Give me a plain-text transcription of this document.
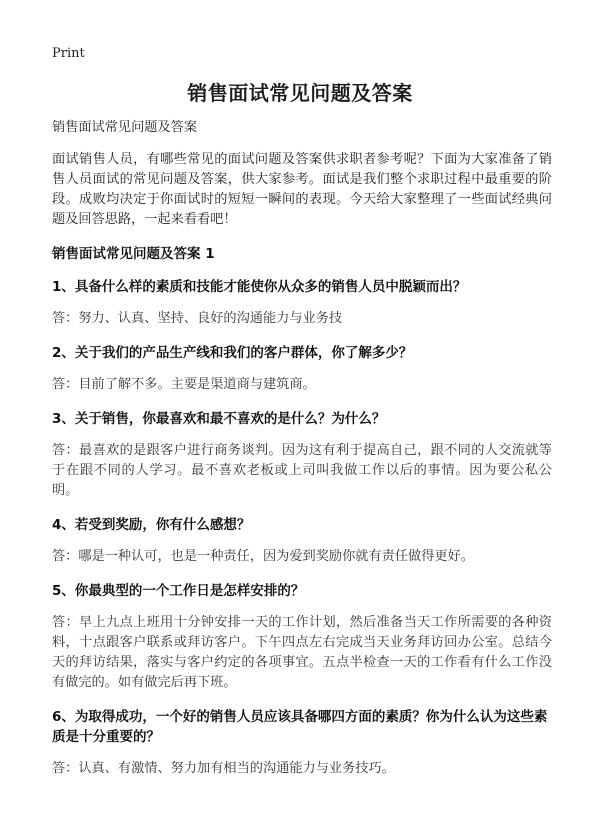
Print
销售面试常见问题及答案

销售面试常见问题及答案

面试销售人员，有哪些常见的面试问题及答案供求职者参考呢？下面为大家准备了销售人员面试的常见问题及答案，供大家参考。面试是我们整个求职过程中最重要的阶段。成败均决定于你面试时的短短一瞬间的表现。今天给大家整理了一些面试经典问题及回答思路，一起来看看吧！

销售面试常见问题及答案 1

1、具备什么样的素质和技能才能使你从众多的销售人员中脱颖而出？

答：努力、认真、坚持、良好的沟通能力与业务技

2、关于我们的产品生产线和我们的客户群体，你了解多少？

答：目前了解不多。主要是渠道商与建筑商。

3、关于销售，你最喜欢和最不喜欢的是什么？为什么？

答：最喜欢的是跟客户进行商务谈判。因为这有利于提高自己，跟不同的人交流就等于在跟不同的人学习。最不喜欢老板或上司叫我做工作以后的事情。因为要公私公明。

4、若受到奖励，你有什么感想？

答：哪是一种认可，也是一种责任，因为爱到奖励你就有责任做得更好。

5、你最典型的一个工作日是怎样安排的？

答：早上九点上班用十分钟安排一天的工作计划，然后准备当天工作所需要的各种资料，十点跟客户联系或拜访客户。下午四点左右完成当天业务拜访回办公室。总结今天的拜访结果，落实与客户约定的各项事宜。五点半检查一天的工作看有什么工作没有做完的。如有做完后再下班。

6、为取得成功，一个好的销售人员应该具备哪四方面的素质？你为什么认为这些素质是十分重要的？

答：认真、有激情、努力加有相当的沟通能力与业务技巧。
